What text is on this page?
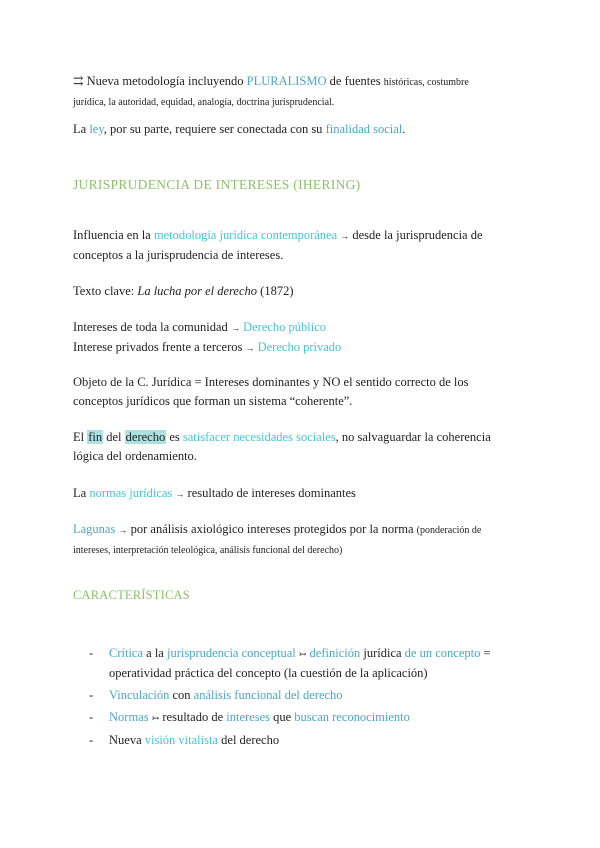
⇉ Nueva metodología incluyendo PLURALISMO de fuentes históricas, costumbre
jurídica, la autoridad, equidad, analogía, doctrina jurisprudencial.
La ley, por su parte, requiere ser conectada con su finalidad social.
JURISPRUDENCIA DE INTERESES (IHERING)
Influencia en la metodología jurídica contemporánea → desde la jurisprudencia de
conceptos a la jurisprudencia de intereses.
Texto clave: La lucha por el derecho (1872)
Intereses de toda la comunidad → Derecho público
Interese privados frente a terceros → Derecho privado
Objeto de la C. Jurídica = Intereses dominantes y NO el sentido correcto de los
conceptos jurídicos que forman un sistema “coherente”.
El fin del derecho es satisfacer necesidades sociales, no salvaguardar la coherencia
lógica del ordenamiento.
La normas jurídicas → resultado de intereses dominantes
Lagunas → por análisis axiológico intereses protegidos por la norma (ponderación de
intereses, interpretación teleológica, análisis funcional del derecho)
CARACTERÍSTICAS
- Crítica a la jurisprudencia conceptual ↣ definición jurídica de un concepto =
operatividad práctica del concepto (la cuestión de la aplicación)
- Vinculación con análisis funcional del derecho
- Normas ↣ resultado de intereses que buscan reconocimiento
- Nueva visión vitalista del derecho
